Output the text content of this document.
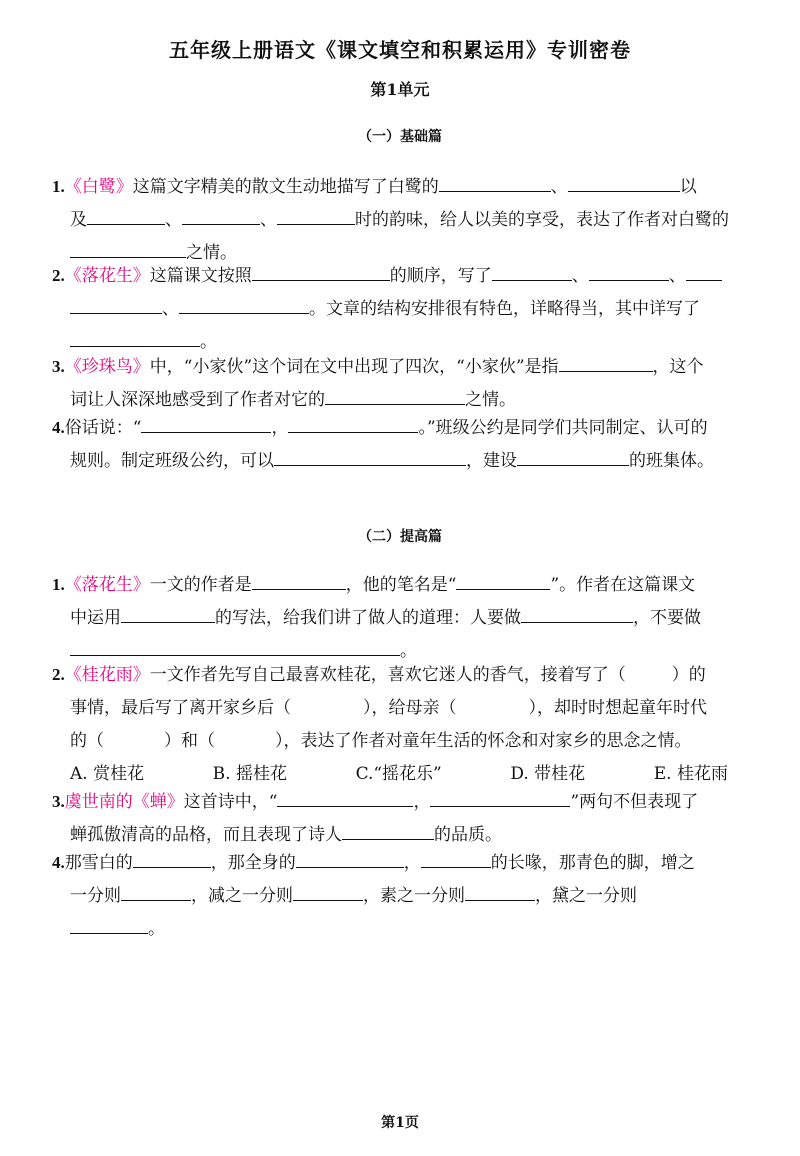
五年级上册语文《课文填空和积累运用》专训密卷
第1单元
（一）基础篇
1.《白鹭》这篇文字精美的散文生动地描写了白鹭的	、	以
及	、	、	时的韵味，给人以美的享受，表达了作者对白鹭的
之情。
2.《落花生》这篇课文按照	的顺序，写了	、	、
、	。文章的结构安排很有特色，详略得当，其中详写了
。
3.《珍珠鸟》中，“小家伙”这个词在文中出现了四次，“小家伙”是指	，这个
词让人深深地感受到了作者对它的	之情。
4.俗话说：“	，	。”班级公约是同学们共同制定、认可的
规则。制定班级公约，可以	，建设	的班集体。
（二）提高篇
1.《落花生》一文的作者是	，他的笔名是“	”。作者在这篇课文
中运用	的写法，给我们讲了做人的道理：人要做	，不要做
。
2.《桂花雨》一文作者先写自己最喜欢桂花，喜欢它迷人的香气，接着写了（	）的
事情，最后写了离开家乡后（	），给母亲（	），却时时想起童年时代
的（	）和（	），表达了作者对童年生活的怀念和对家乡的思念之情。
A. 赏桂花	B. 摇桂花	C.“摇花乐”	D. 带桂花	E. 桂花雨
3.虞世南的《蝉》这首诗中，“	，	”两句不但表现了
蝉孤傲清高的品格，而且表现了诗人	的品质。
4.那雪白的	，那全身的	，	的长喙，那青色的脚，增之
一分则	，减之一分则	，素之一分则	，黛之一分则
。
第1页
